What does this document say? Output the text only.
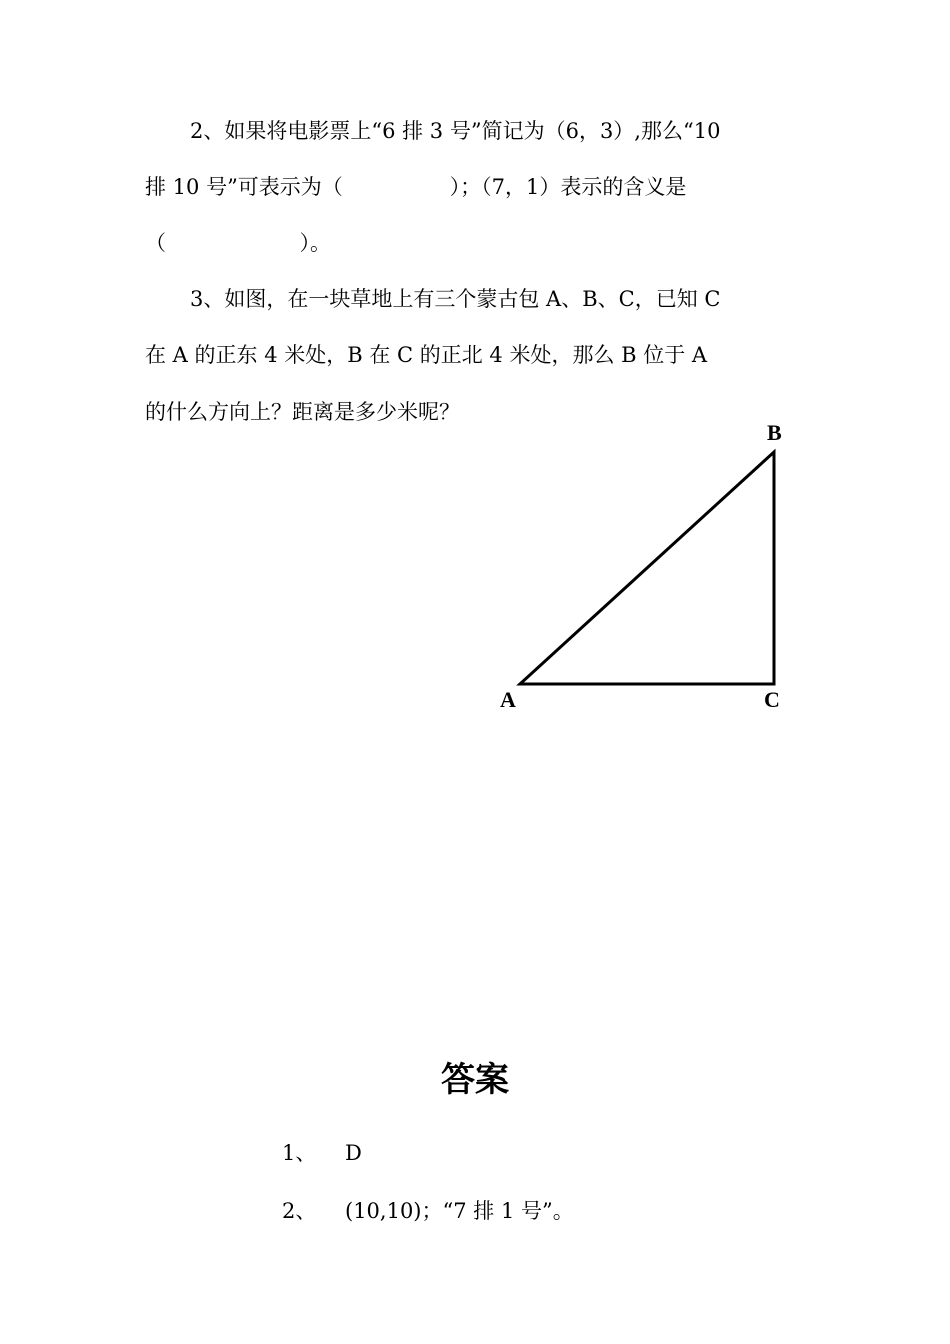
2、如果将电影票上“6 排 3 号”简记为（6，3）,那么“10
排 10 号”可表示为（                ）；（7，1）表示的含义是
（                    ）。
3、如图，在一块草地上有三个蒙古包 A、B、C，已知 C
在 A 的正东 4 米处，B 在 C 的正北 4 米处，那么 B 位于 A
的什么方向上？距离是多少米呢？
B
A	C
答案
1、 D
2、 (10,10)；“7 排 1 号”。
